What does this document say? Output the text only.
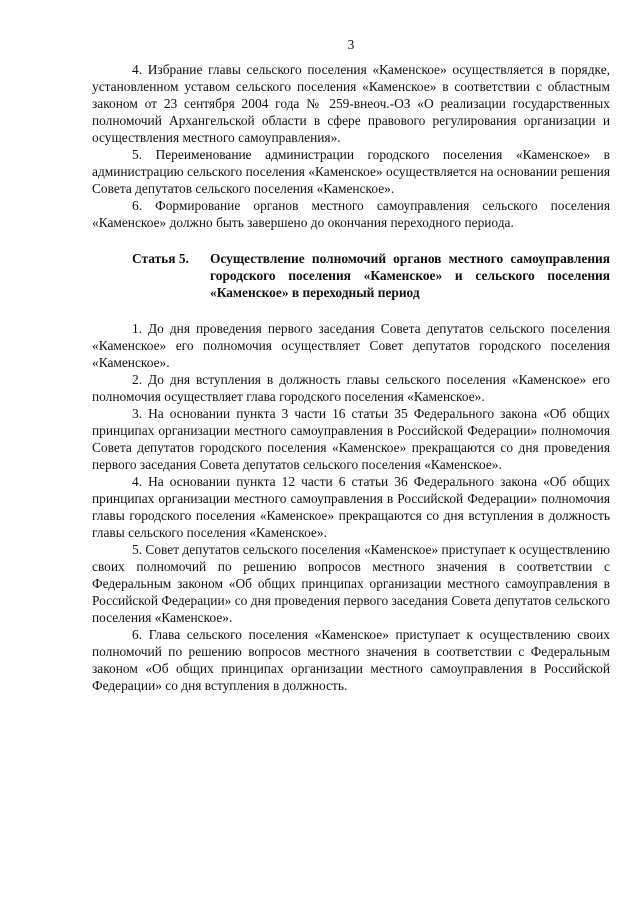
3

4. Избрание главы сельского поселения «Каменское» осуществляется в порядке, установленном уставом сельского поселения «Каменское» в соответствии с областным законом от 23 сентября 2004 года № 259-внеоч.-ОЗ «О реализации государственных полномочий Архангельской области в сфере правового регулирования организации и осуществления местного самоуправления».

5. Переименование администрации городского поселения «Каменское» в администрацию сельского поселения «Каменское» осуществляется на основании решения Совета депутатов сельского поселения «Каменское».

6. Формирование органов местного самоуправления сельского поселения «Каменское» должно быть завершено до окончания переходного периода.

Статья 5.	Осуществление полномочий органов местного самоуправления городского поселения «Каменское» и сельского поселения «Каменское» в переходный период

1. До дня проведения первого заседания Совета депутатов сельского поселения «Каменское» его полномочия осуществляет Совет депутатов городского поселения «Каменское».

2. До дня вступления в должность главы сельского поселения «Каменское» его полномочия осуществляет глава городского поселения «Каменское».

3. На основании пункта 3 части 16 статьи 35 Федерального закона «Об общих принципах организации местного самоуправления в Российской Федерации» полномочия Совета депутатов городского поселения «Каменское» прекращаются со дня проведения первого заседания Совета депутатов сельского поселения «Каменское».

4. На основании пункта 12 части 6 статьи 36 Федерального закона «Об общих принципах организации местного самоуправления в Российской Федерации» полномочия главы городского поселения «Каменское» прекращаются со дня вступления в должность главы сельского поселения «Каменское».

5. Совет депутатов сельского поселения «Каменское» приступает к осуществлению своих полномочий по решению вопросов местного значения в соответствии с Федеральным законом «Об общих принципах организации местного самоуправления в Российской Федерации» со дня проведения первого заседания Совета депутатов сельского поселения «Каменское».

6. Глава сельского поселения «Каменское» приступает к осуществлению своих полномочий по решению вопросов местного значения в соответствии с Федеральным законом «Об общих принципах организации местного самоуправления в Российской Федерации» со дня вступления в должность.
